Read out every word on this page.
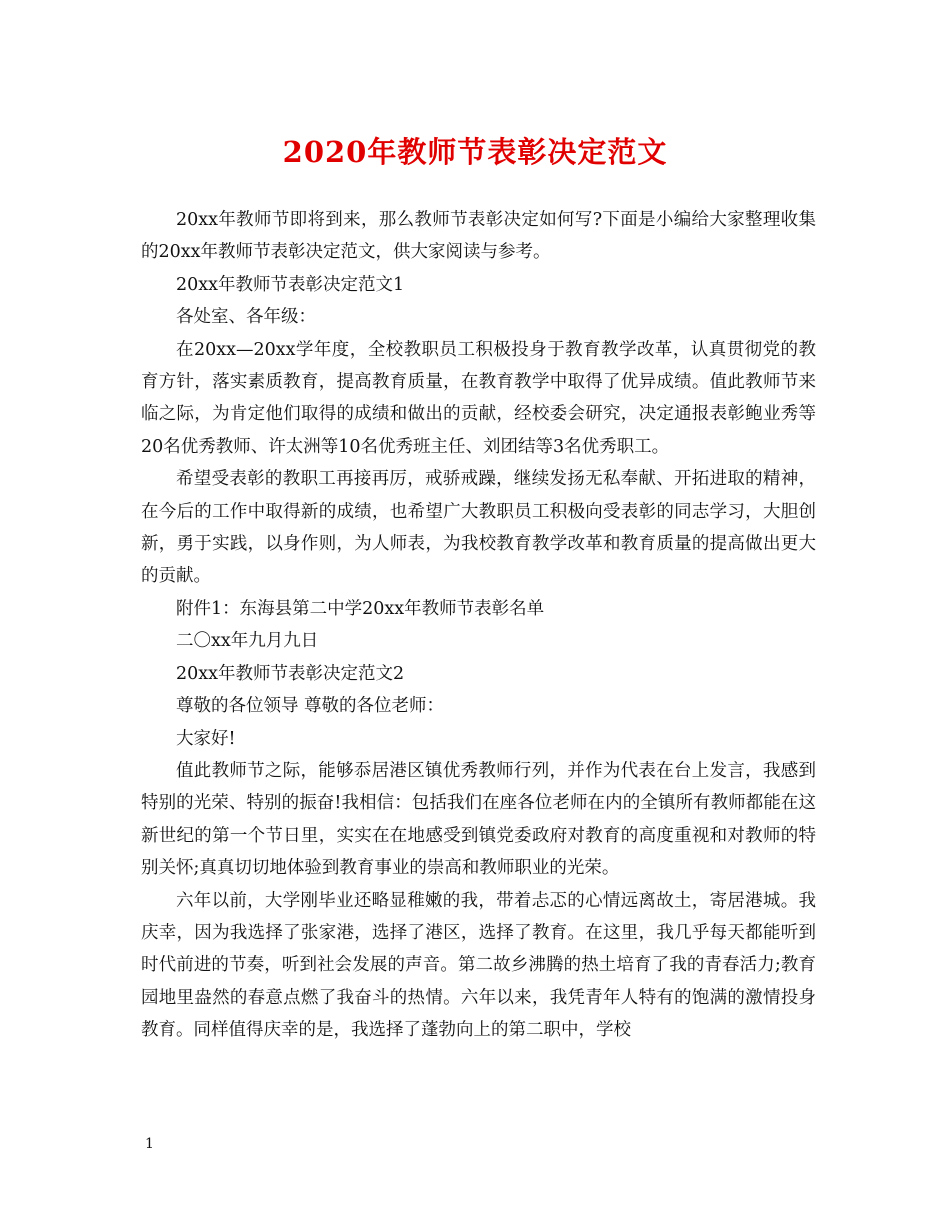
2020年教师节表彰决定范文

20xx年教师节即将到来，那么教师节表彰决定如何写?下面是小编给大家整理收集的20xx年教师节表彰决定范文，供大家阅读与参考。

20xx年教师节表彰决定范文1

各处室、各年级：

在20xx—20xx学年度，全校教职员工积极投身于教育教学改革，认真贯彻党的教育方针，落实素质教育，提高教育质量，在教育教学中取得了优异成绩。值此教师节来临之际，为肯定他们取得的成绩和做出的贡献，经校委会研究，决定通报表彰鲍业秀等20名优秀教师、许太洲等10名优秀班主任、刘团结等3名优秀职工。

希望受表彰的教职工再接再厉，戒骄戒躁，继续发扬无私奉献、开拓进取的精神，在今后的工作中取得新的成绩，也希望广大教职员工积极向受表彰的同志学习，大胆创新，勇于实践，以身作则，为人师表，为我校教育教学改革和教育质量的提高做出更大的贡献。

附件1：东海县第二中学20xx年教师节表彰名单

二〇xx年九月九日

20xx年教师节表彰决定范文2

尊敬的各位领导 尊敬的各位老师：

大家好!

值此教师节之际，能够忝居港区镇优秀教师行列，并作为代表在台上发言，我感到特别的光荣、特别的振奋!我相信：包括我们在座各位老师在内的全镇所有教师都能在这新世纪的第一个节日里，实实在在地感受到镇党委政府对教育的高度重视和对教师的特别关怀;真真切切地体验到教育事业的崇高和教师职业的光荣。

六年以前，大学刚毕业还略显稚嫩的我，带着忐忑的心情远离故土，寄居港城。我庆幸，因为我选择了张家港，选择了港区，选择了教育。在这里，我几乎每天都能听到时代前进的节奏，听到社会发展的声音。第二故乡沸腾的热土培育了我的青春活力;教育园地里盎然的春意点燃了我奋斗的热情。六年以来，我凭青年人特有的饱满的激情投身教育。同样值得庆幸的是，我选择了蓬勃向上的第二职中，学校

1
